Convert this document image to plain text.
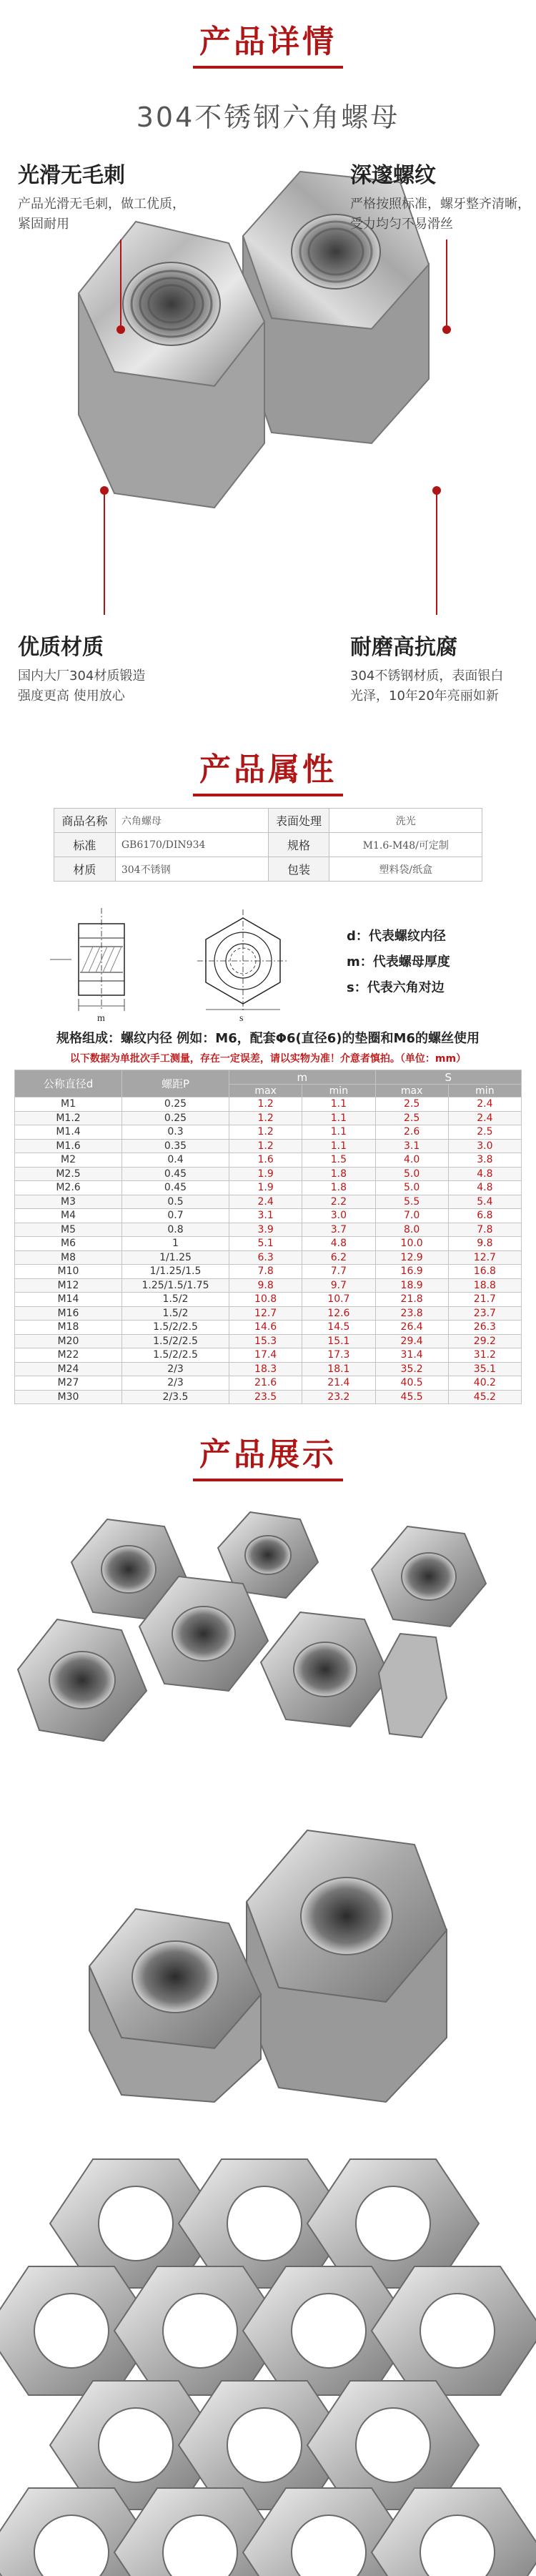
产品详情
304不锈钢六角螺母
光滑无毛刺
产品光滑无毛刺，做工优质，
紧固耐用
深邃螺纹
严格按照标准，螺牙整齐清晰，
受力均匀不易滑丝
优质材质
国内大厂304材质锻造
强度更高 使用放心
耐磨高抗腐
304不锈钢材质，表面银白
光泽，10年20年亮丽如新
产品属性
商品名称	六角螺母	表面处理	洗光
标准	GB6170/DIN934	规格	M1.6-M48/可定制
材质	304不锈钢	包装	塑料袋/纸盒
m	s
d：代表螺纹内径
m：代表螺母厚度
s：代表六角对边
规格组成：螺纹内径 例如：M6，配套Φ6(直径6)的垫圈和M6的螺丝使用
以下数据为单批次手工测量，存在一定误差，请以实物为准！介意者慎拍。（单位：mm）
公称直径d	螺距P	m		S	
		max	min	max	min
M1	0.25	1.2	1.1	2.5	2.4
M1.2	0.25	1.2	1.1	2.5	2.4
M1.4	0.3	1.2	1.1	2.6	2.5
M1.6	0.35	1.2	1.1	3.1	3.0
M2	0.4	1.6	1.5	4.0	3.8
M2.5	0.45	1.9	1.8	5.0	4.8
M2.6	0.45	1.9	1.8	5.0	4.8
M3	0.5	2.4	2.2	5.5	5.4
M4	0.7	3.1	3.0	7.0	6.8
M5	0.8	3.9	3.7	8.0	7.8
M6	1	5.1	4.8	10.0	9.8
M8	1/1.25	6.3	6.2	12.9	12.7
M10	1/1.25/1.5	7.8	7.7	16.9	16.8
M12	1.25/1.5/1.75	9.8	9.7	18.9	18.8
M14	1.5/2	10.8	10.7	21.8	21.7
M16	1.5/2	12.7	12.6	23.8	23.7
M18	1.5/2/2.5	14.6	14.5	26.4	26.3
M20	1.5/2/2.5	15.3	15.1	29.4	29.2
M22	1.5/2/2.5	17.4	17.3	31.4	31.2
M24	2/3	18.3	18.1	35.2	35.1
M27	2/3	21.6	21.4	40.5	40.2
M30	2/3.5	23.5	23.2	45.5	45.2
产品展示
